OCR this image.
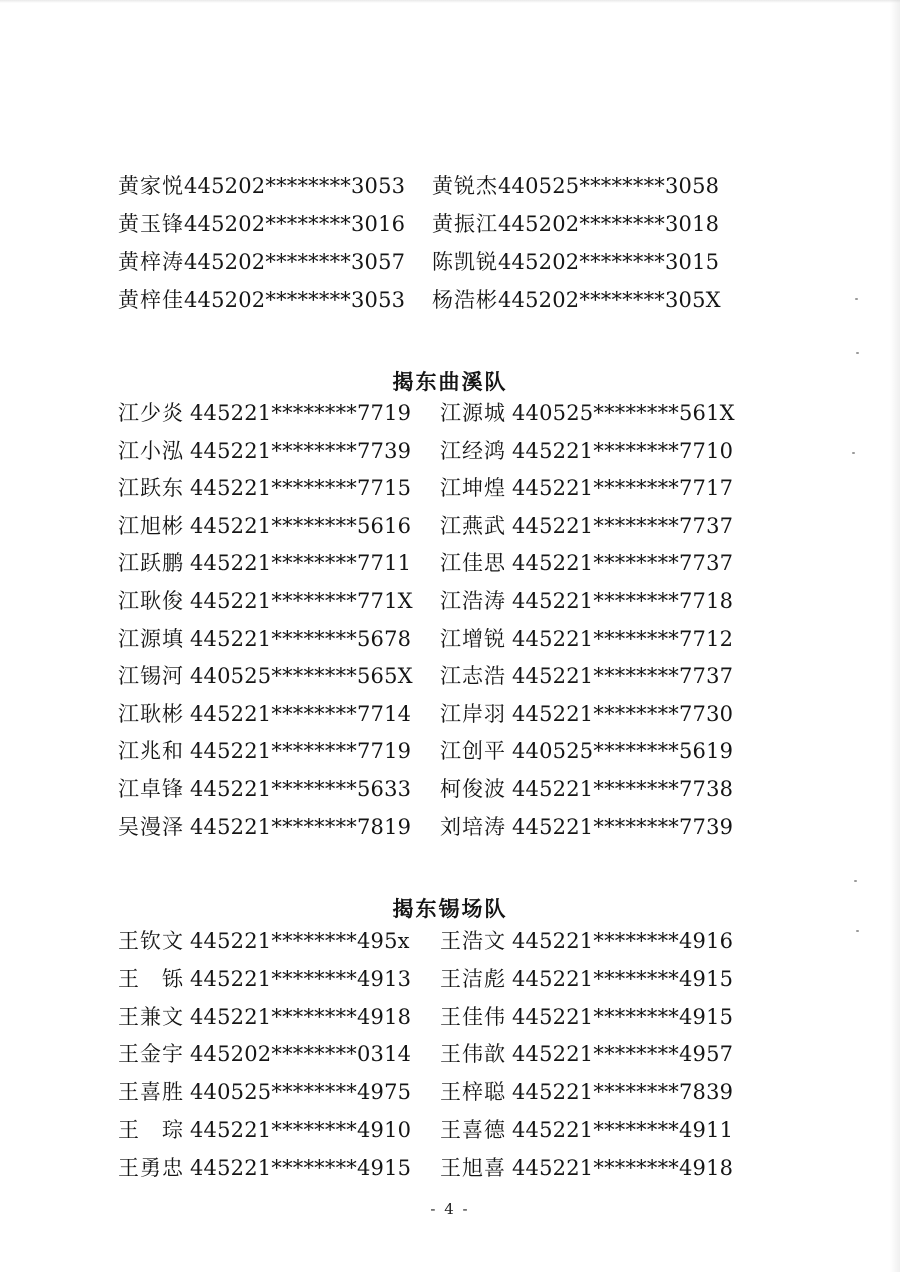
黄家悦445202********3053	黄锐杰440525********3058
黄玉锋445202********3016	黄振江445202********3018
黄梓涛445202********3057	陈凯锐445202********3015
黄梓佳445202********3053	杨浩彬445202********305X
揭东曲溪队
江少炎 445221********7719	江源城 440525********561X
江小泓 445221********7739	江经鸿 445221********7710
江跃东 445221********7715	江坤煌 445221********7717
江旭彬 445221********5616	江燕武 445221********7737
江跃鹏 445221********7711	江佳思 445221********7737
江耿俊 445221********771X	江浩涛 445221********7718
江源填 445221********5678	江增锐 445221********7712
江锡河 440525********565X	江志浩 445221********7737
江耿彬 445221********7714	江岸羽 445221********7730
江兆和 445221********7719	江创平 440525********5619
江卓锋 445221********5633	柯俊波 445221********7738
吴漫泽 445221********7819	刘培涛 445221********7739
揭东锡场队
王钦文 445221********495x	王浩文 445221********4916
王　铄 445221********4913	王洁彪 445221********4915
王兼文 445221********4918	王佳伟 445221********4915
王金宇 445202********0314	王伟歆 445221********4957
王喜胜 440525********4975	王梓聪 445221********7839
王　琮 445221********4910	王喜德 445221********4911
王勇忠 445221********4915	王旭喜 445221********4918
- 4 -
